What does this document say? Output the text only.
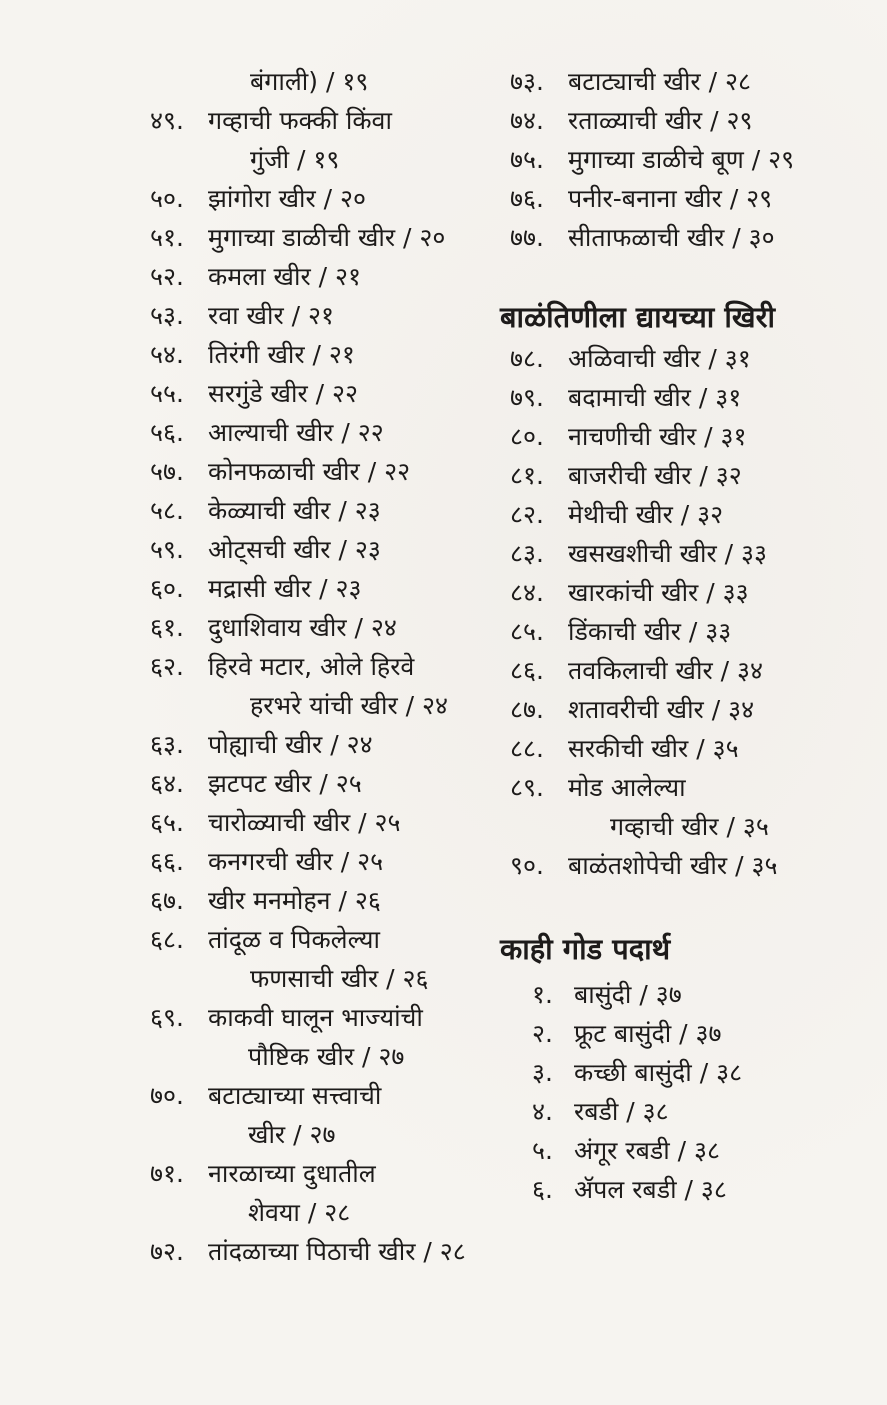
बंगाली) / १९
४९. गव्हाची फक्की किंवा
गुंजी / १९
५०. झांगोरा खीर / २०
५१. मुगाच्या डाळीची खीर / २०
५२. कमला खीर / २१
५३. रवा खीर / २१
५४. तिरंगी खीर / २१
५५. सरगुंडे खीर / २२
५६. आल्याची खीर / २२
५७. कोनफळाची खीर / २२
५८. केळ्याची खीर / २३
५९. ओट्सची खीर / २३
६०. मद्रासी खीर / २३
६१. दुधाशिवाय खीर / २४
६२. हिरवे मटार, ओले हिरवे
हरभरे यांची खीर / २४
६३. पोह्याची खीर / २४
६४. झटपट खीर / २५
६५. चारोळ्याची खीर / २५
६६. कनगरची खीर / २५
६७. खीर मनमोहन / २६
६८. तांदूळ व पिकलेल्या
फणसाची खीर / २६
६९. काकवी घालून भाज्यांची
पौष्टिक खीर / २७
७०. बटाट्याच्या सत्त्वाची
खीर / २७
७१. नारळाच्या दुधातील
शेवया / २८
७२. तांदळाच्या पिठाची खीर / २८
७३. बटाट्याची खीर / २८
७४. रताळ्याची खीर / २९
७५. मुगाच्या डाळीचे बूण / २९
७६. पनीर-बनाना खीर / २९
७७. सीताफळाची खीर / ३०
बाळंतिणीला द्यायच्या खिरी
७८. अळिवाची खीर / ३१
७९. बदामाची खीर / ३१
८०. नाचणीची खीर / ३१
८१. बाजरीची खीर / ३२
८२. मेथीची खीर / ३२
८३. खसखशीची खीर / ३३
८४. खारकांची खीर / ३३
८५. डिंकाची खीर / ३३
८६. तवकिलाची खीर / ३४
८७. शतावरीची खीर / ३४
८८. सरकीची खीर / ३५
८९. मोड आलेल्या
गव्हाची खीर / ३५
९०. बाळंतशोपेची खीर / ३५
काही गोड पदार्थ
१. बासुंदी / ३७
२. फ्रूट बासुंदी / ३७
३. कच्छी बासुंदी / ३८
४. रबडी / ३८
५. अंगूर रबडी / ३८
६. ॲपल रबडी / ३८
